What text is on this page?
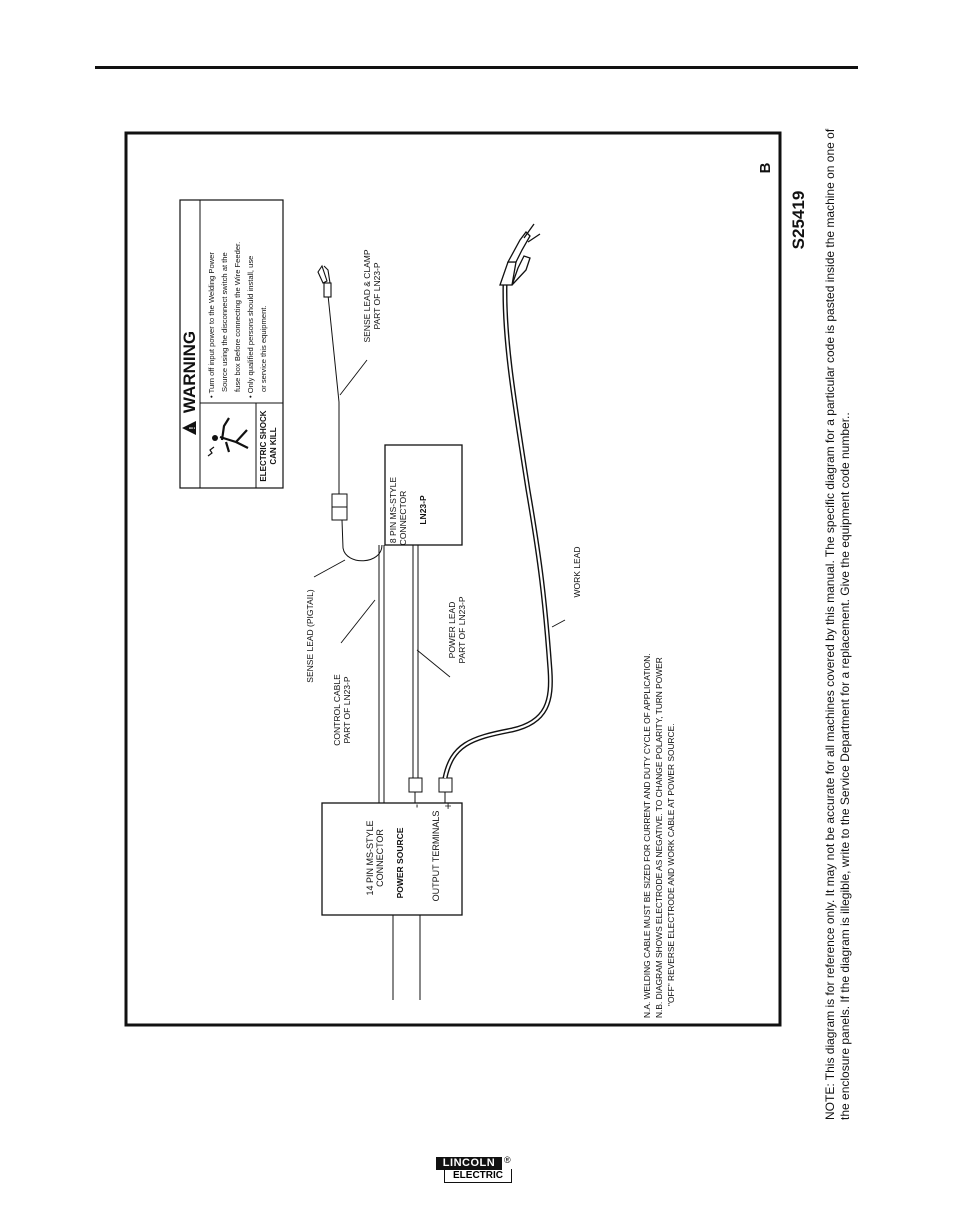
S25419
B
!
WARNING
ELECTRIC SHOCK CAN KILL
• Turn off input power to the Welding Power Source using the disconnect switch at the fuse box Before connecting the Wire Feeder. • Only qualified persons should install, use or service this equipment.
14 PIN MS-STYLE CONNECTOR POWER SOURCE	OUTPUT TERMINALS
- +
8 PIN MS-STYLE CONNECTOR LN23-P
SENSE LEAD (PIGTAIL)
CONTROL CABLE PART OF LN23-P
POWER LEAD PART OF LN23-P
WORK LEAD
SENSE LEAD & CLAMP PART OF LN23-P
N.A. WELDING CABLE MUST BE SIZED FOR CURRENT AND DUTY CYCLE OF APPLICATION. N.B. DIAGRAM SHOWS ELECTRODE AS NEGATIVE. TO CHANGE POLARITY, TURN POWER "OFF" REVERSE ELECTRODE AND WORK CABLE AT POWER SOURCE.	NOTE: This diagram is for reference only. It may not be accurate for all machines covered by this manual. The specific diagram for a particular code is pasted inside the machine on one of the enclosure panels. If the diagram is illegible, write to the Service Department for a replacement. Give the equipment code number..
LINCOLN ®
ELECTRIC
